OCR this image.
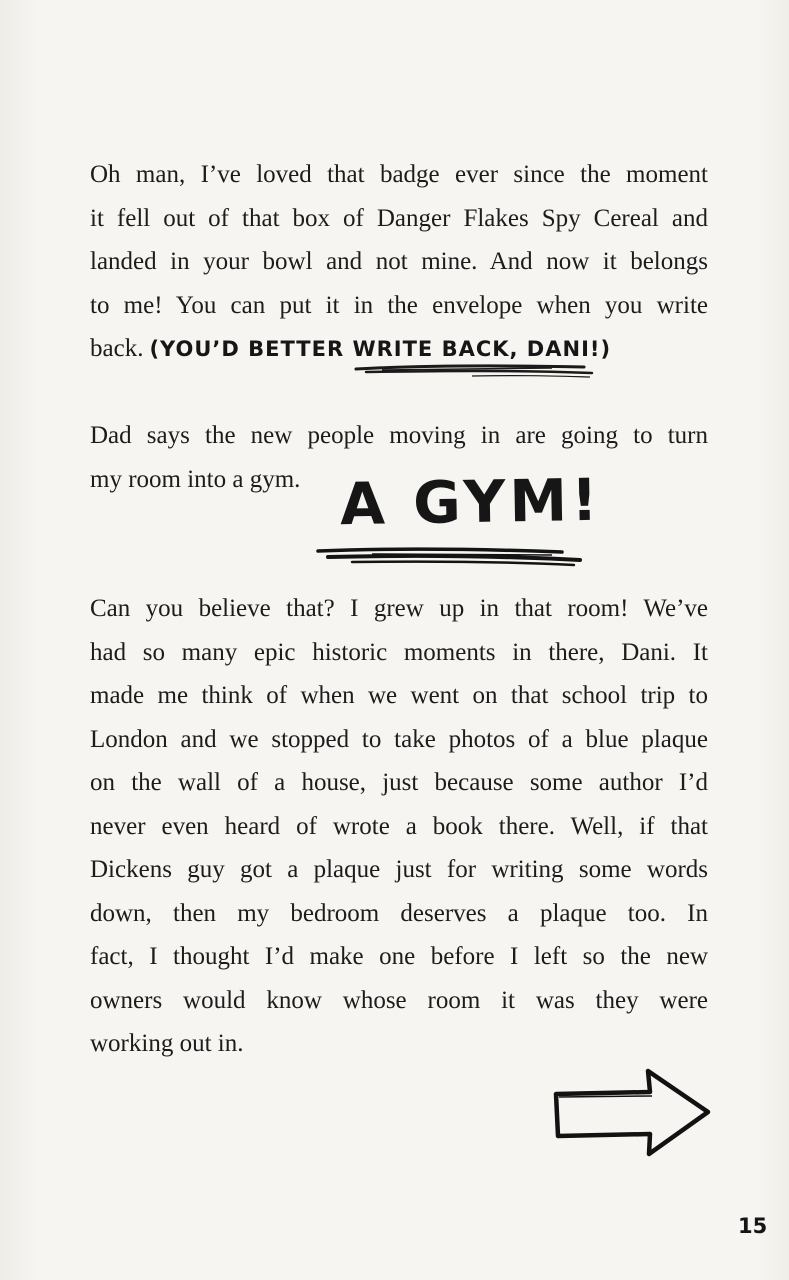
Oh man, I’ve loved that badge ever since the moment
it fell out of that box of Danger Flakes Spy Cereal and
landed in your bowl and not mine. And now it belongs
to me! You can put it in the envelope when you write
back. (YOU’D BETTER WRITE BACK, DANI!)
Dad says the new people moving in are going to turn
my room into a gym. A GYM!
Can you believe that? I grew up in that room! We’ve
had so many epic historic moments in there, Dani. It
made me think of when we went on that school trip to
London and we stopped to take photos of a blue plaque
on the wall of a house, just because some author I’d
never even heard of wrote a book there. Well, if that
Dickens guy got a plaque just for writing some words
down, then my bedroom deserves a plaque too. In
fact, I thought I’d make one before I left so the new
owners would know whose room it was they were
working out in.
15
